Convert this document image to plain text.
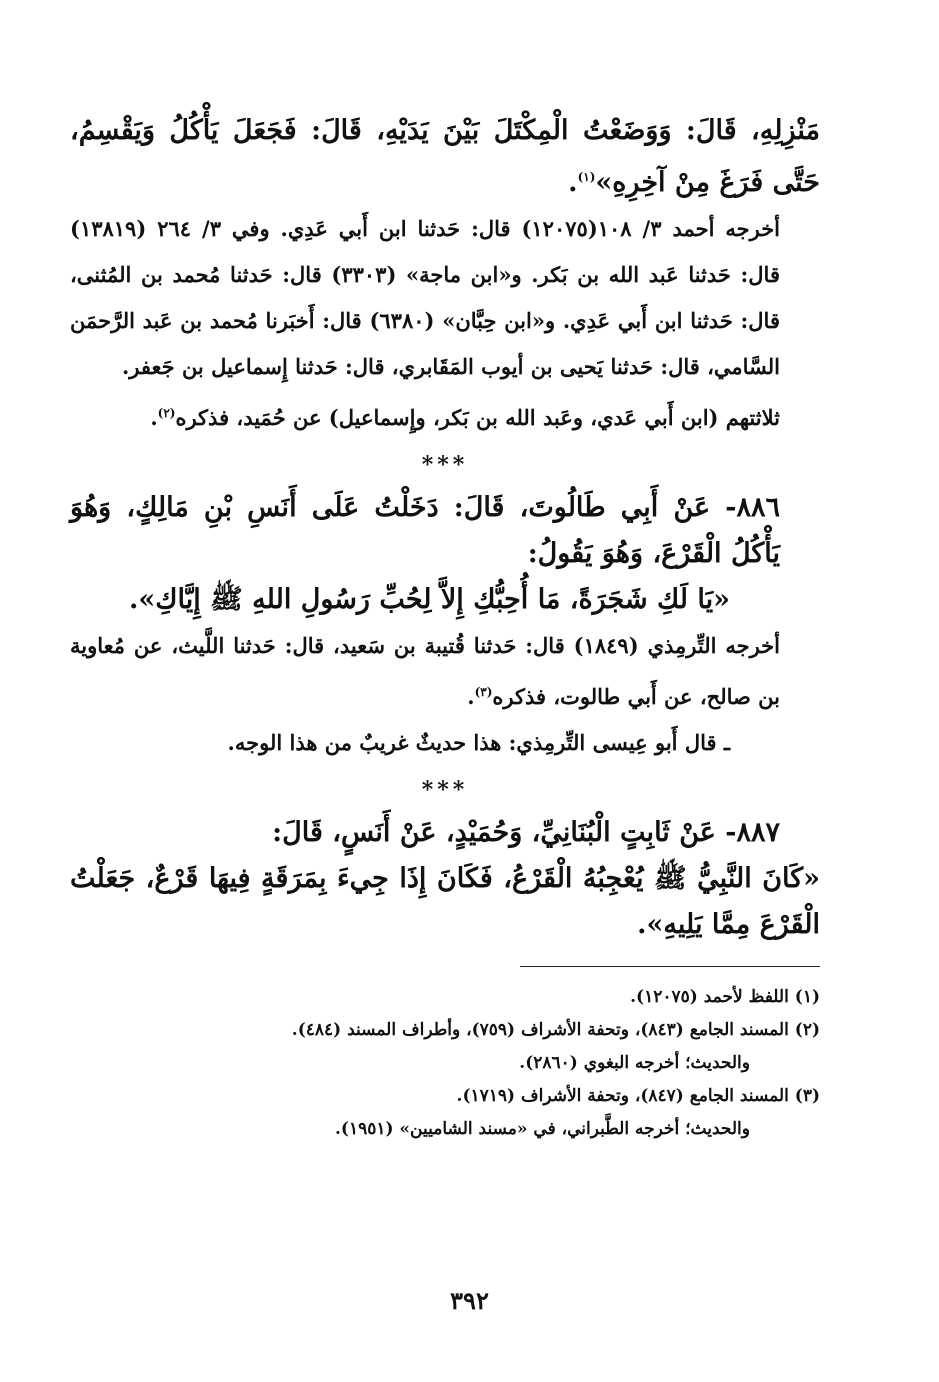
مَنْزِلِهِ، قَالَ: وَوَضَعْتُ الْمِكْتَلَ بَيْنَ يَدَيْهِ، قَالَ: فَجَعَلَ يَأْكُلُ وَيَقْسِمُ، حَتَّى فَرَغَ مِنْ آخِرِهِ»$^{(١)}$.

أخرجه أحمد ٣/ ١٠٨(١٢٠٧٥) قال: حَدثنا ابن أَبي عَدِي. وفي ٣/ ٢٦٤ (١٣٨١٩) قال: حَدثنا عَبد الله بن بَكر. و«ابن ماجة» (٣٣٠٣) قال: حَدثنا مُحمد بن المُثنى، قال: حَدثنا ابن أَبي عَدِي. و«ابن حِبَّان» (٦٣٨٠) قال: أَخبَرنا مُحمد بن عَبد الرَّحمَن السَّامي، قال: حَدثنا يَحيى بن أيوب المَقَابري، قال: حَدثنا إِسماعيل بن جَعفر.

ثلاثتهم (ابن أَبي عَدي، وعَبد الله بن بَكر، وإِسماعيل) عن حُمَيد، فذكره$^{(٢)}$.

***

٨٨٦- عَنْ أَبِي طَالُوتَ، قَالَ: دَخَلْتُ عَلَى أَنَسِ بْنِ مَالِكٍ، وَهُوَ يَأْكُلُ الْقَرْعَ، وَهُوَ يَقُولُ:

«يَا لَكِ شَجَرَةً، مَا أُحِبُّكِ إِلاَّ لِحُبِّ رَسُولِ اللهِ ﷺ إِيَّاكِ».

أخرجه التِّرمِذي (١٨٤٩) قال: حَدثنا قُتيبة بن سَعيد، قال: حَدثنا اللَّيث، عن مُعاوية بن صالح، عن أَبي طالوت، فذكره$^{(٣)}$.

ـ قال أَبو عِيسى التِّرمِذي: هذا حديثٌ غريبٌ من هذا الوجه.

***

٨٨٧- عَنْ ثَابِتٍ الْبُنَانِيِّ، وَحُمَيْدٍ، عَنْ أَنَسٍ، قَالَ:

«كَانَ النَّبِيُّ ﷺ يُعْجِبُهُ الْقَرْعُ، فَكَانَ إِذَا جِيءَ بِمَرَقَةٍ فِيهَا قَرْعٌ، جَعَلْتُ الْقَرْعَ مِمَّا يَلِيهِ».

(١) اللفظ لأحمد (١٢٠٧٥).

(٢) المسند الجامع (٨٤٣)، وتحفة الأشراف (٧٥٩)، وأطراف المسند (٤٨٤).

والحديث؛ أخرجه البغوي (٢٨٦٠).

(٣) المسند الجامع (٨٤٧)، وتحفة الأشراف (١٧١٩).

والحديث؛ أخرجه الطَّبراني، في «مسند الشاميين» (١٩٥١).

٣٩٢
